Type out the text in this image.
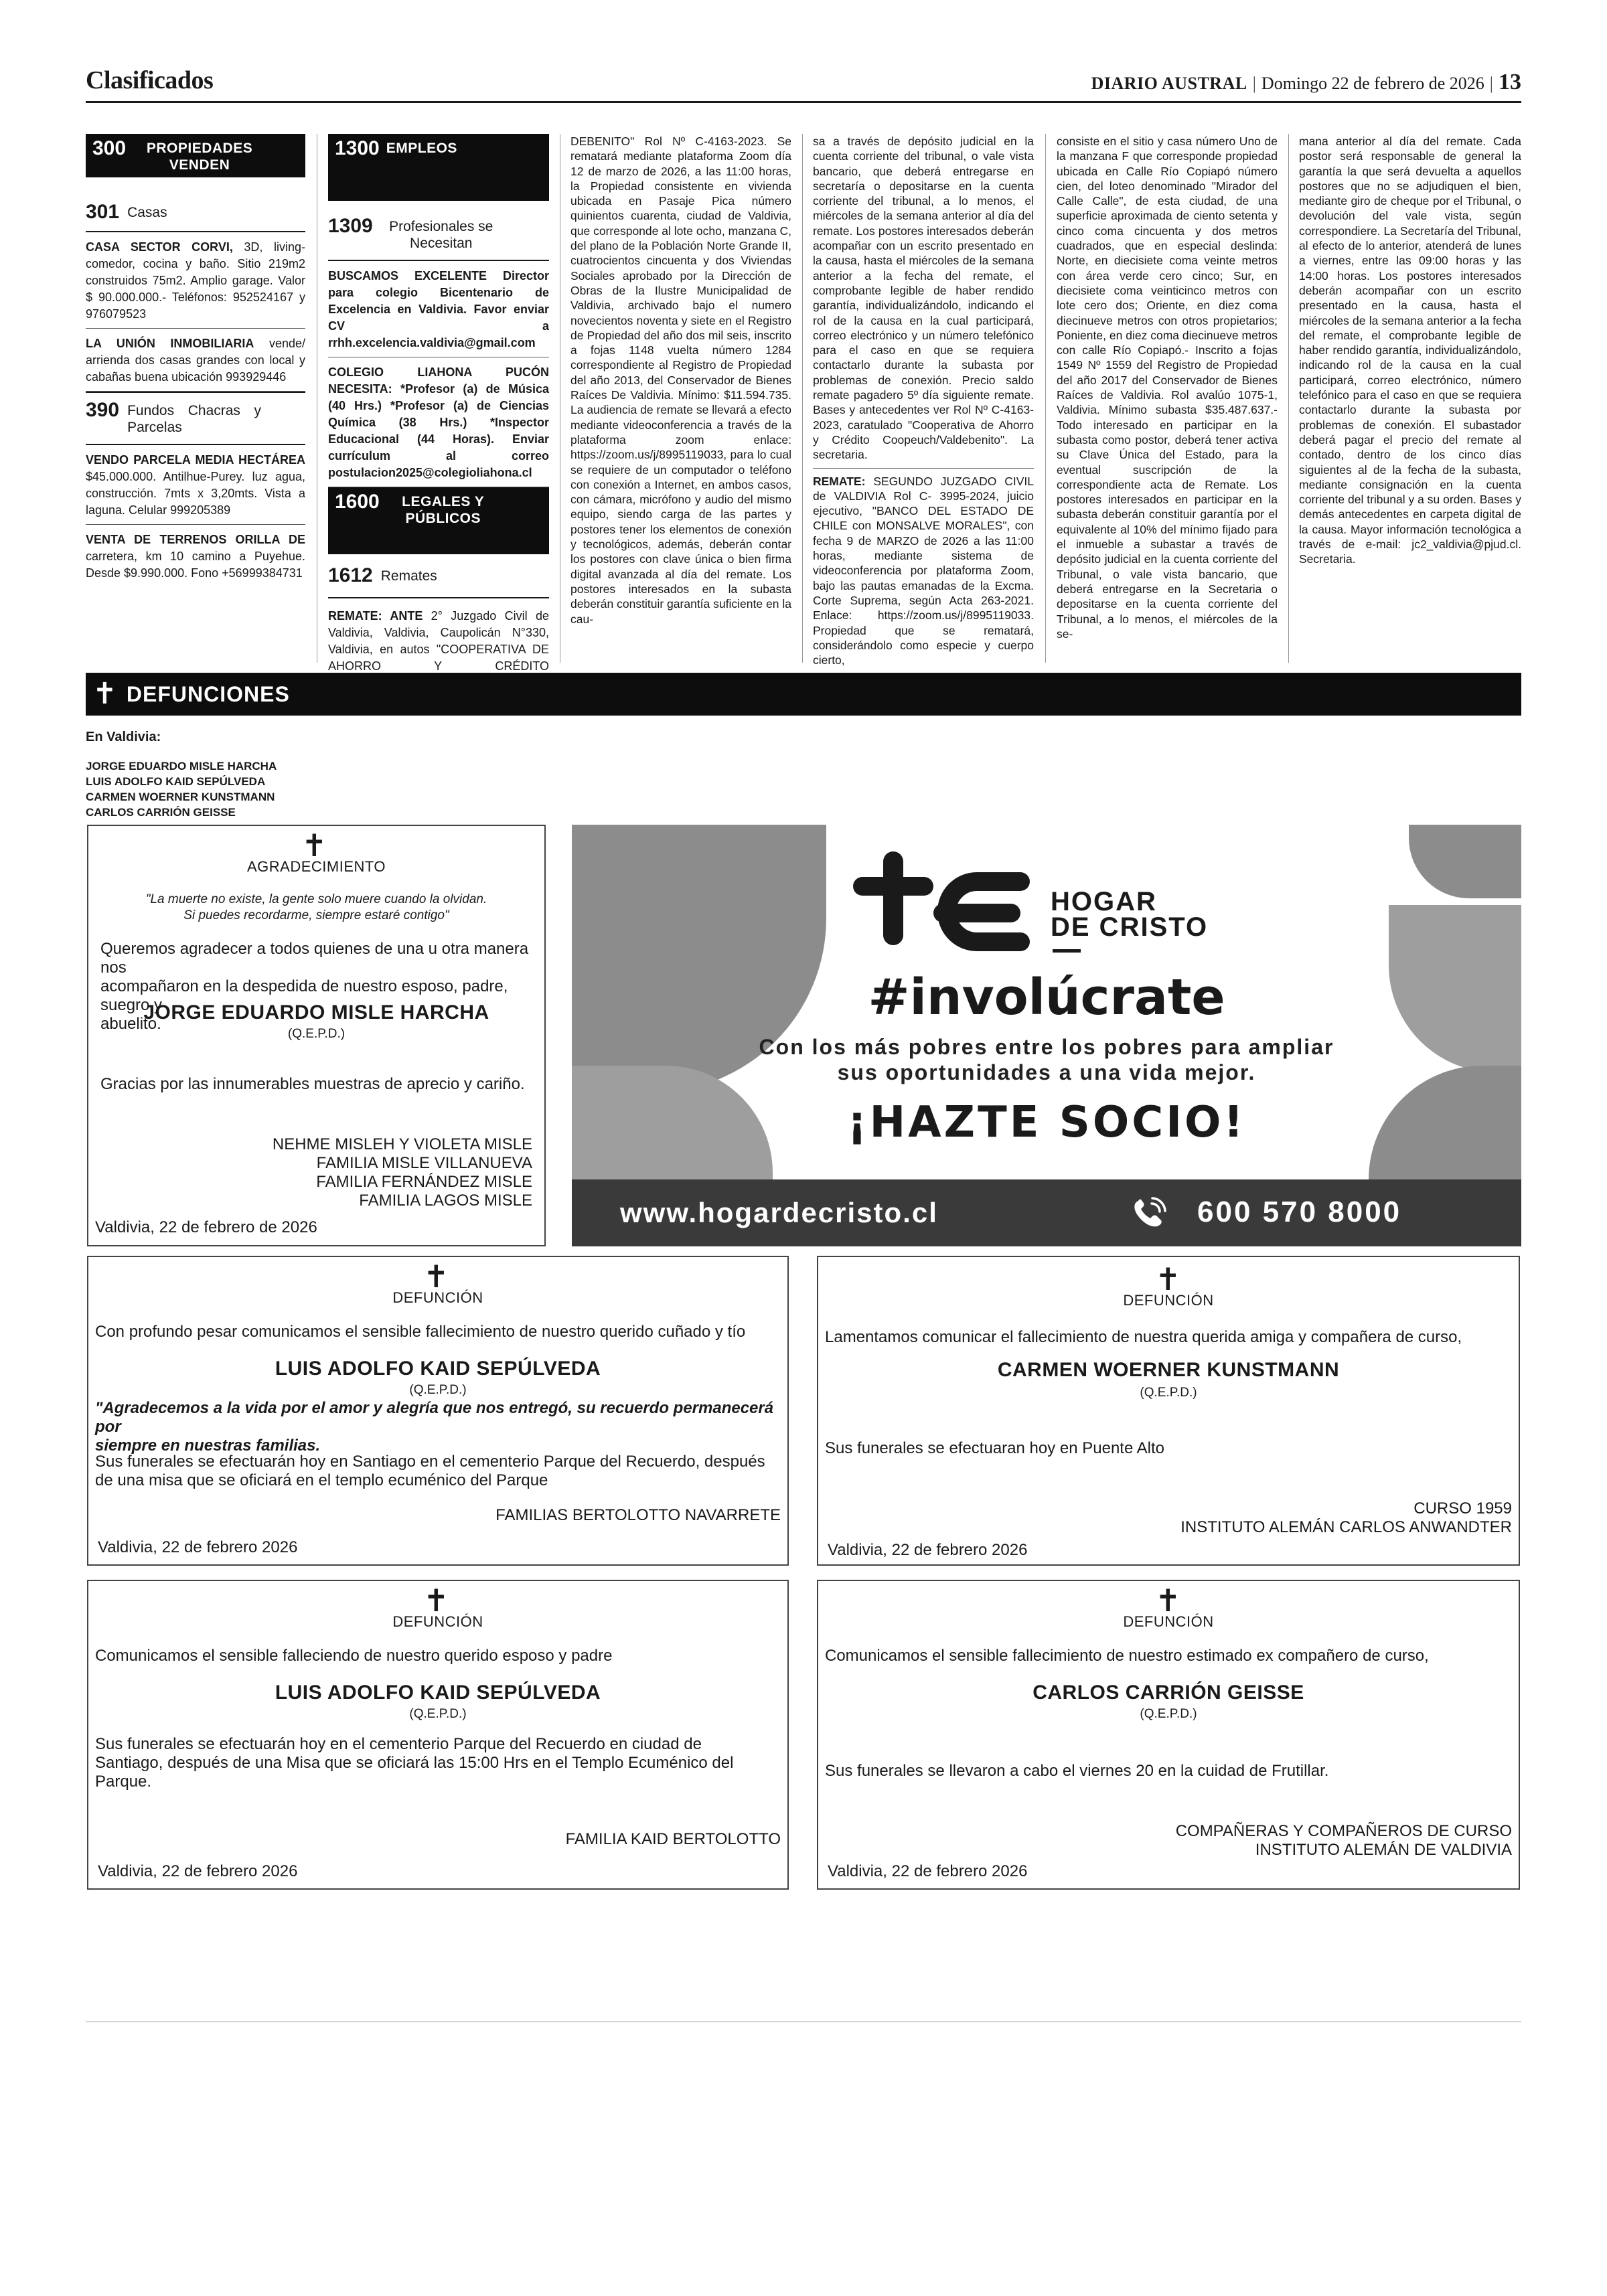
Clasificados	DIARIO AUSTRAL | Domingo 22 de febrero de 2026 | 13
300	PROPIEDADES VENDEN
301 Casas
CASA SECTOR CORVI, 3D, living-comedor, cocina y baño. Sitio 219m2 construidos 75m2. Amplio garage. Valor $ 90.000.000.- Teléfonos: 952524167 y 976079523
LA UNIÓN INMOBILIARIA vende/ arrienda dos casas grandes con local y cabañas buena ubicación 993929446
390 Fundos Chacras y Parcelas
VENDO PARCELA MEDIA HECTÁREA $45.000.000. Antilhue-Purey. luz agua, construcción. 7mts x 3,20mts. Vista a laguna. Celular 999205389
VENTA DE TERRENOS ORILLA DE carretera, km 10 camino a Puyehue. Desde $9.990.000. Fono +56999384731
1300 EMPLEOS
1309	Profesionales se Necesitan
BUSCAMOS EXCELENTE Director para colegio Bicentenario de Excelencia en Valdivia. Favor enviar CV a rrhh.excelencia.valdivia@gmail.com
COLEGIO LIAHONA PUCÓN NECESITA: *Profesor (a) de Música (40 Hrs.) *Profesor (a) de Ciencias Química (38 Hrs.) *Inspector Educacional (44 Horas). Enviar currículum al correo postulacion2025@colegioliahona.cl
1600	LEGALES Y PÚBLICOS
1612 Remates
REMATE: ANTE 2° Juzgado Civil de Valdivia, Valdivia, Caupolicán N°330, Valdivia, en autos "COOPERATIVA DE AHORRO Y CRÉDITO

DEBENITO" Rol Nº C-4163-2023. Se rematará mediante plataforma Zoom día 12 de marzo de 2026, a las 11:00 horas, la Propiedad consistente en vivienda ubicada en Pasaje Pica número quinientos cuarenta, ciudad de Valdivia, que corresponde al lote ocho, manzana C, del plano de la Población Norte Grande II, cuatrocientos cincuenta y dos Viviendas Sociales aprobado por la Dirección de Obras de la Ilustre Municipalidad de Valdivia, archivado bajo el numero novecientos noventa y siete en el Registro de Propiedad del año dos mil seis, inscrito a fojas 1148 vuelta número 1284 correspondiente al Registro de Propiedad del año 2013, del Conservador de Bienes Raíces De Valdivia. Mínimo: $11.594.735. La audiencia de remate se llevará a efecto mediante videoconferencia a través de la plataforma zoom enlace: https://zoom.us/j/8995119033, para lo cual se requiere de un computador o teléfono con conexión a Internet, en ambos casos, con cámara, micrófono y audio del mismo equipo, siendo carga de las partes y postores tener los elementos de conexión y tecnológicos, además, deberán contar los postores con clave única o bien firma digital avanzada al día del remate. Los postores interesados en la subasta deberán constituir garantía suficiente en la cau-

sa a través de depósito judicial en la cuenta corriente del tribunal, o vale vista bancario, que deberá entregarse en secretaría o depositarse en la cuenta corriente del tribunal, a lo menos, el miércoles de la semana anterior al día del remate. Los postores interesados deberán acompañar con un escrito presentado en la causa, hasta el miércoles de la semana anterior a la fecha del remate, el comprobante legible de haber rendido garantía, individualizándolo, indicando el rol de la causa en la cual participará, correo electrónico y un número telefónico para el caso en que se requiera contactarlo durante la subasta por problemas de conexión. Precio saldo remate pagadero 5º día siguiente remate. Bases y antecedentes ver Rol Nº C-4163- 2023, caratulado "Cooperativa de Ahorro y Crédito Coopeuch/Valdebenito". La secretaria.

REMATE: SEGUNDO JUZGADO CIVIL de VALDIVIA Rol C- 3995-2024, juicio ejecutivo, "BANCO DEL ESTADO DE CHILE con MONSALVE MORALES", con fecha 9 de MARZO de 2026 a las 11:00 horas, mediante sistema de videoconferencia por plataforma Zoom, bajo las pautas emanadas de la Excma. Corte Suprema, según Acta 263-2021. Enlace: https://zoom.us/j/8995119033. Propiedad que se rematará, considerándolo como especie y cuerpo cierto,

consiste en el sitio y casa número Uno de la manzana F que corresponde propiedad ubicada en Calle Río Copiapó número cien, del loteo denominado "Mirador del Calle Calle", de esta ciudad, de una superficie aproximada de ciento setenta y cinco coma cincuenta y dos metros cuadrados, que en especial deslinda: Norte, en diecisiete coma veinte metros con área verde cero cinco; Sur, en diecisiete coma veinticinco metros con lote cero dos; Oriente, en diez coma diecinueve metros con otros propietarios; Poniente, en diez coma diecinueve metros con calle Río Copiapó.- Inscrito a fojas 1549 Nº 1559 del Registro de Propiedad del año 2017 del Conservador de Bienes Raíces de Valdivia. Rol avalúo 1075-1, Valdivia. Mínimo subasta $35.487.637.- Todo interesado en participar en la subasta como postor, deberá tener activa su Clave Única del Estado, para la eventual suscripción de la correspondiente acta de Remate. Los postores interesados en participar en la subasta deberán constituir garantía por el equivalente al 10% del mínimo fijado para el inmueble a subastar a través de depósito judicial en la cuenta corriente del Tribunal, o vale vista bancario, que deberá entregarse en la Secretaria o depositarse en la cuenta corriente del Tribunal, a lo menos, el miércoles de la se-

mana anterior al día del remate. Cada postor será responsable de general la garantía la que será devuelta a aquellos postores que no se adjudiquen el bien, mediante giro de cheque por el Tribunal, o devolución del vale vista, según correspondiere. La Secretaría del Tribunal, al efecto de lo anterior, atenderá de lunes a viernes, entre las 09:00 horas y las 14:00 horas. Los postores interesados deberán acompañar con un escrito presentado en la causa, hasta el miércoles de la semana anterior a la fecha del remate, el comprobante legible de haber rendido garantía, individualizándolo, indicando rol de la causa en la cual participará, correo electrónico, número telefónico para el caso en que se requiera contactarlo durante la subasta por problemas de conexión. El subastador deberá pagar el precio del remate al contado, dentro de los cinco días siguientes al de la fecha de la subasta, mediante consignación en la cuenta corriente del tribunal y a su orden. Bases y demás antecedentes en carpeta digital de la causa. Mayor información tecnológica a través de e-mail: jc2_valdivia@pjud.cl. Secretaria.

✝ DEFUNCIONES
En Valdivia:
JORGE EDUARDO MISLE HARCHA
LUIS ADOLFO KAID SEPÚLVEDA
CARMEN WOERNER KUNSTMANN
CARLOS CARRIÓN GEISSE
✝
AGRADECIMIENTO
"La muerte no existe, la gente solo muere cuando la olvidan.
Si puedes recordarme, siempre estaré contigo"
Queremos agradecer a todos quienes de una u otra manera nos
acompañaron en la despedida de nuestro esposo, padre, suegro y
abuelito.
JORGE EDUARDO MISLE HARCHA
(Q.E.P.D.)
Gracias por las innumerables muestras de aprecio y cariño.
NEHME MISLEH Y VIOLETA MISLE
FAMILIA MISLE VILLANUEVA
FAMILIA FERNÁNDEZ MISLE
FAMILIA LAGOS MISLE
Valdivia, 22 de febrero de 2026
HOGAR
DE CRISTO
#involúcrate
Con los más pobres entre los pobres para ampliar
sus oportunidades a una vida mejor.
¡HAZTE SOCIO!
www.hogardecristo.cl	600 570 8000
✝
DEFUNCIÓN
Con profundo pesar comunicamos el sensible fallecimiento de nuestro querido cuñado y tío
LUIS ADOLFO KAID SEPÚLVEDA
(Q.E.P.D.)
"Agradecemos a la vida por el amor y alegría que nos entregó, su recuerdo permanecerá por
siempre en nuestras familias.
Sus funerales se efectuarán hoy en Santiago en el cementerio Parque del Recuerdo, después
de una misa que se oficiará en el templo ecuménico del Parque
FAMILIAS BERTOLOTTO NAVARRETE
Valdivia, 22 de febrero 2026
✝
DEFUNCIÓN
Lamentamos comunicar el fallecimiento de nuestra querida amiga y compañera de curso,
CARMEN WOERNER KUNSTMANN
(Q.E.P.D.)
Sus funerales se efectuaran hoy en Puente Alto
CURSO 1959
INSTITUTO ALEMÁN CARLOS ANWANDTER
Valdivia, 22 de febrero 2026
✝
DEFUNCIÓN
Comunicamos el sensible falleciendo de nuestro querido esposo y padre
LUIS ADOLFO KAID SEPÚLVEDA
(Q.E.P.D.)
Sus funerales se efectuarán hoy en el cementerio Parque del Recuerdo en ciudad de
Santiago, después de una Misa que se oficiará las 15:00 Hrs en el Templo Ecuménico del
Parque.
FAMILIA KAID BERTOLOTTO
Valdivia, 22 de febrero 2026
✝
DEFUNCIÓN
Comunicamos el sensible fallecimiento de nuestro estimado ex compañero de curso,
CARLOS CARRIÓN GEISSE
(Q.E.P.D.)
Sus funerales se llevaron a cabo el viernes 20 en la cuidad de Frutillar.
COMPAÑERAS Y COMPAÑEROS DE CURSO
INSTITUTO ALEMÁN DE VALDIVIA
Valdivia, 22 de febrero 2026
